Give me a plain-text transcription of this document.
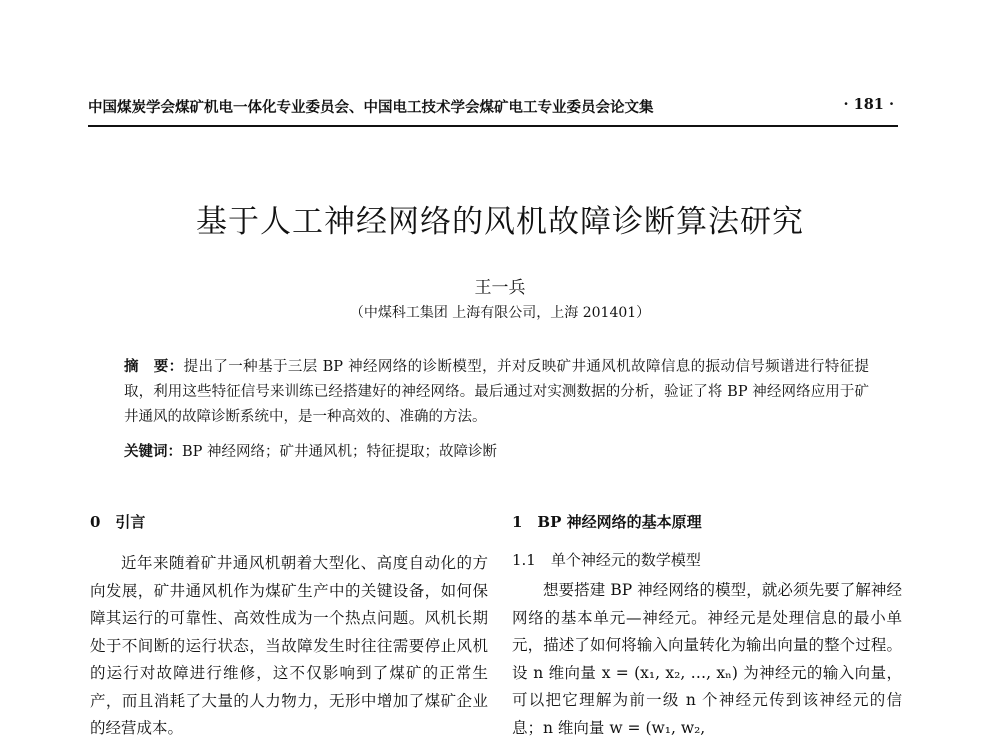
中国煤炭学会煤矿机电一体化专业委员会、中国电工技术学会煤矿电工专业委员会论文集	· 181 ·
基于人工神经网络的风机故障诊断算法研究
王一兵
（中煤科工集团 上海有限公司，上海 201401）
摘　要：提出了一种基于三层 BP 神经网络的诊断模型，并对反映矿井通风机故障信息的振动信号频谱进行特征提取，利用这些特征信号来训练已经搭建好的神经网络。最后通过对实测数据的分析，验证了将 BP 神经网络应用于矿井通风的故障诊断系统中，是一种高效的、准确的方法。
关键词：BP 神经网络；矿井通风机；特征提取；故障诊断
0　引言

近年来随着矿井通风机朝着大型化、高度自动化的方向发展，矿井通风机作为煤矿生产中的关键设备，如何保障其运行的可靠性、高效性成为一个热点问题。风机长期处于不间断的运行状态，当故障发生时往往需要停止风机的运行对故障进行维修，这不仅影响到了煤矿的正常生产，而且消耗了大量的人力物力，无形中增加了煤矿企业的经营成本。

1　BP 神经网络的基本原理
1.1　单个神经元的数学模型

想要搭建 BP 神经网络的模型，就必须先要了解神经网络的基本单元—神经元。神经元是处理信息的最小单元，描述了如何将输入向量转化为输出向量的整个过程。设 n 维向量 x = (x₁, x₂, …, xₙ) 为神经元的输入向量，可以把它理解为前一级 n 个神经元传到该神经元的信息；n 维向量 w = (w₁, w₂,
